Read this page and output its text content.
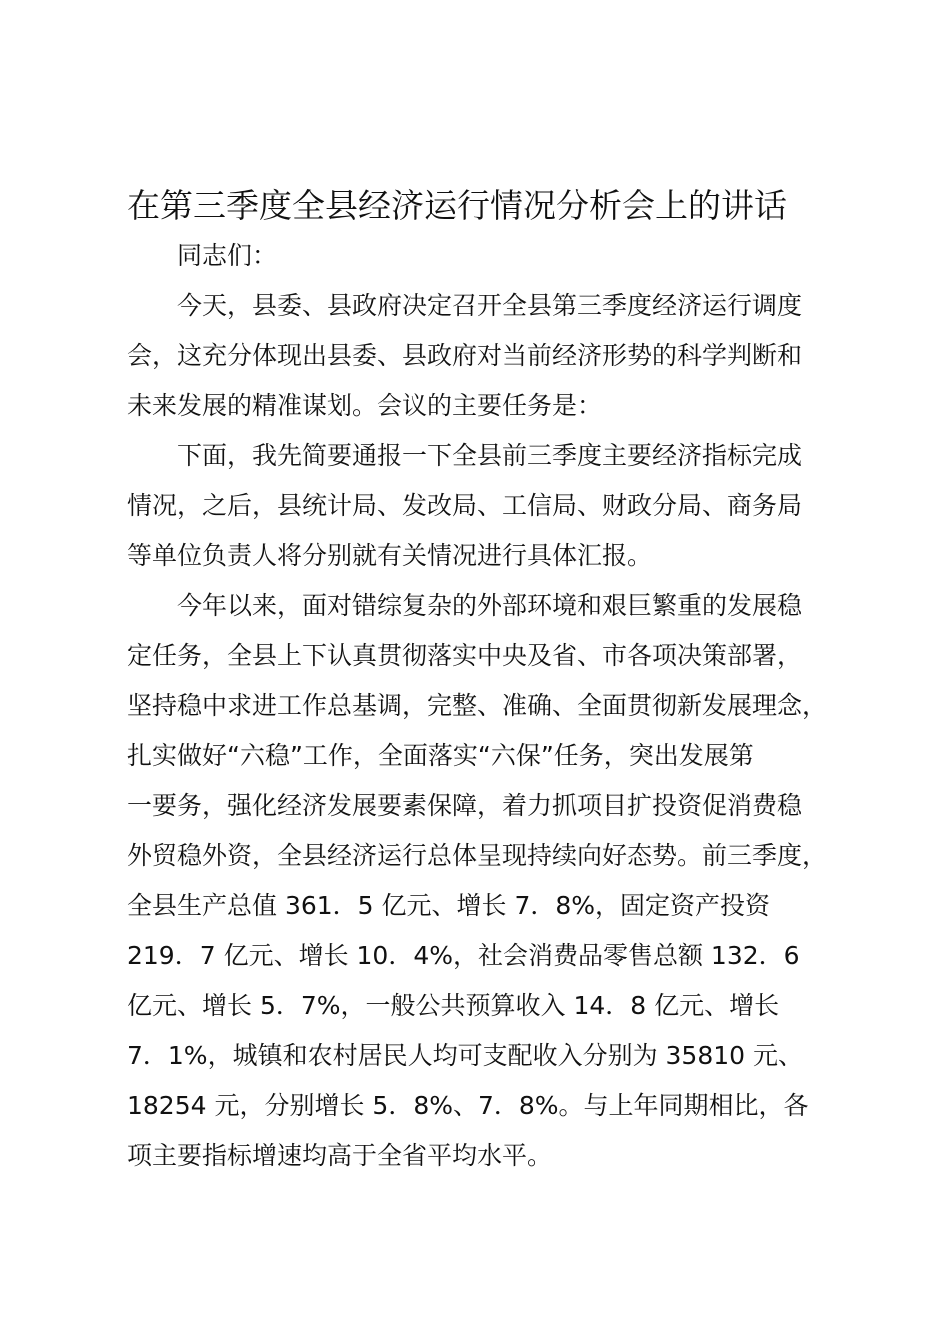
在第三季度全县经济运行情况分析会上的讲话
同志们：
今天，县委、县政府决定召开全县第三季度经济运行调度
会，这充分体现出县委、县政府对当前经济形势的科学判断和
未来发展的精准谋划。会议的主要任务是：
下面，我先简要通报一下全县前三季度主要经济指标完成
情况，之后，县统计局、发改局、工信局、财政分局、商务局
等单位负责人将分别就有关情况进行具体汇报。
今年以来，面对错综复杂的外部环境和艰巨繁重的发展稳
定任务，全县上下认真贯彻落实中央及省、市各项决策部署，
坚持稳中求进工作总基调，完整、准确、全面贯彻新发展理念，
扎实做好“六稳”工作，全面落实“六保”任务，突出发展第
一要务，强化经济发展要素保障，着力抓项目扩投资促消费稳
外贸稳外资，全县经济运行总体呈现持续向好态势。前三季度，
全县生产总值 361．5 亿元、增长 7．8%，固定资产投资
219．7 亿元、增长 10．4%，社会消费品零售总额 132．6
亿元、增长 5．7%，一般公共预算收入 14．8 亿元、增长
7．1%，城镇和农村居民人均可支配收入分别为 35810 元、
18254 元，分别增长 5．8%、7．8%。与上年同期相比，各
项主要指标增速均高于全省平均水平。
